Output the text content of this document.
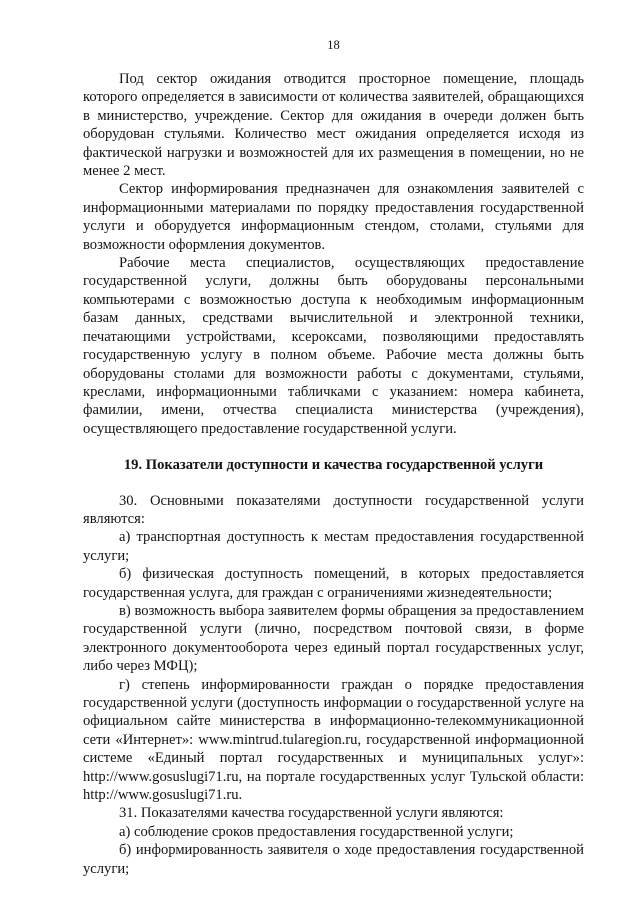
18

Под сектор ожидания отводится просторное помещение, площадь которого определяется в зависимости от количества заявителей, обращающихся в министерство, учреждение. Сектор для ожидания в очереди должен быть оборудован стульями. Количество мест ожидания определяется исходя из фактической нагрузки и возможностей для их размещения в помещении, но не менее 2 мест.

Сектор информирования предназначен для ознакомления заявителей с информационными материалами по порядку предоставления государственной услуги и оборудуется информационным стендом, столами, стульями для возможности оформления документов.

Рабочие места специалистов, осуществляющих предоставление государственной услуги, должны быть оборудованы персональными компьютерами с возможностью доступа к необходимым информационным базам данных, средствами вычислительной и электронной техники, печатающими устройствами, ксероксами, позволяющими предоставлять государственную услугу в полном объеме. Рабочие места должны быть оборудованы столами для возможности работы с документами, стульями, креслами, информационными табличками с указанием: номера кабинета, фамилии, имени, отчества специалиста министерства (учреждения), осуществляющего предоставление государственной услуги.

19. Показатели доступности и качества государственной услуги

30. Основными показателями доступности государственной услуги являются:

а) транспортная доступность к местам предоставления государственной услуги;

б) физическая доступность помещений, в которых предоставляется государственная услуга, для граждан с ограничениями жизнедеятельности;

в) возможность выбора заявителем формы обращения за предоставлением государственной услуги (лично, посредством почтовой связи, в форме электронного документооборота через единый портал государственных услуг, либо через МФЦ);

г) степень информированности граждан о порядке предоставления государственной услуги (доступность информации о государственной услуге на официальном сайте министерства в информационно-телекоммуникационной сети «Интернет»: www.mintrud.tularegion.ru, государственной информационной системе «Единый портал государственных и муниципальных услуг»: http://www.gosuslugi71.ru, на портале государственных услуг Тульской области: http://www.gosuslugi71.ru.

31. Показателями качества государственной услуги являются:

а) соблюдение сроков предоставления государственной услуги;

б) информированность заявителя о ходе предоставления государственной услуги;
